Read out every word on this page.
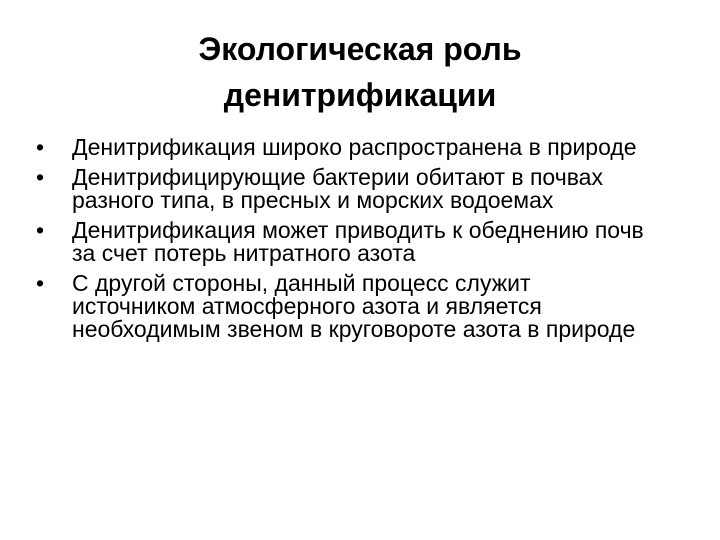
Экологическая роль
денитрификации
•	Денитрификация широко распространена в природе
•	Денитрифицирующие бактерии обитают в почвах разного типа, в пресных и морских водоемах
•	Денитрификация может приводить к обеднению почв за счет потерь нитратного азота
•	С другой стороны, данный процесс служит источником атмосферного азота и является необходимым звеном в круговороте азота в природе
